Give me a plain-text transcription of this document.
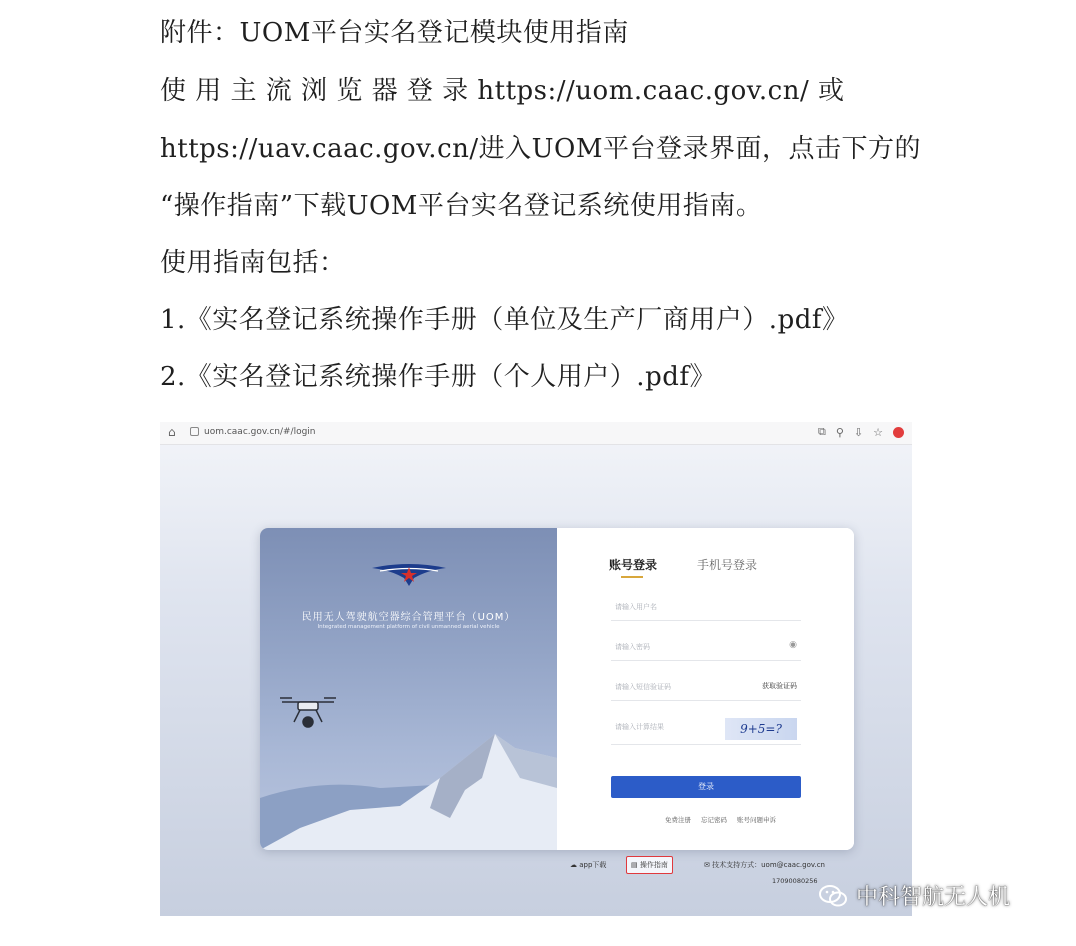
附件：UOM平台实名登记模块使用指南

使 用 主 流 浏 览 器 登 录 https://uom.caac.gov.cn/ 或

https://uav.caac.gov.cn/进入UOM平台登录界面，点击下方的

“操作指南”下载UOM平台实名登记系统使用指南。

使用指南包括：

1.《实名登记系统操作手册（单位及生产厂商用户）.pdf》

2.《实名登记系统操作手册（个人用户）.pdf》

⌂	uom.caac.gov.cn/#/login	⧉ ⚲ ⇩ ☆
民用无人驾驶航空器综合管理平台（UOM）
Integrated management platform of civil unmanned aerial vehicle
账号登录	手机号登录
请输入用户名
请输入密码	◉
请输入短信验证码	获取验证码
请输入计算结果	9+5=?
登录
免费注册 忘记密码 账号问题申诉
☁ app下载	▤ 操作指南	✉ 技术支持方式：uom@caac.gov.cn
17090080256
中科智航无人机
